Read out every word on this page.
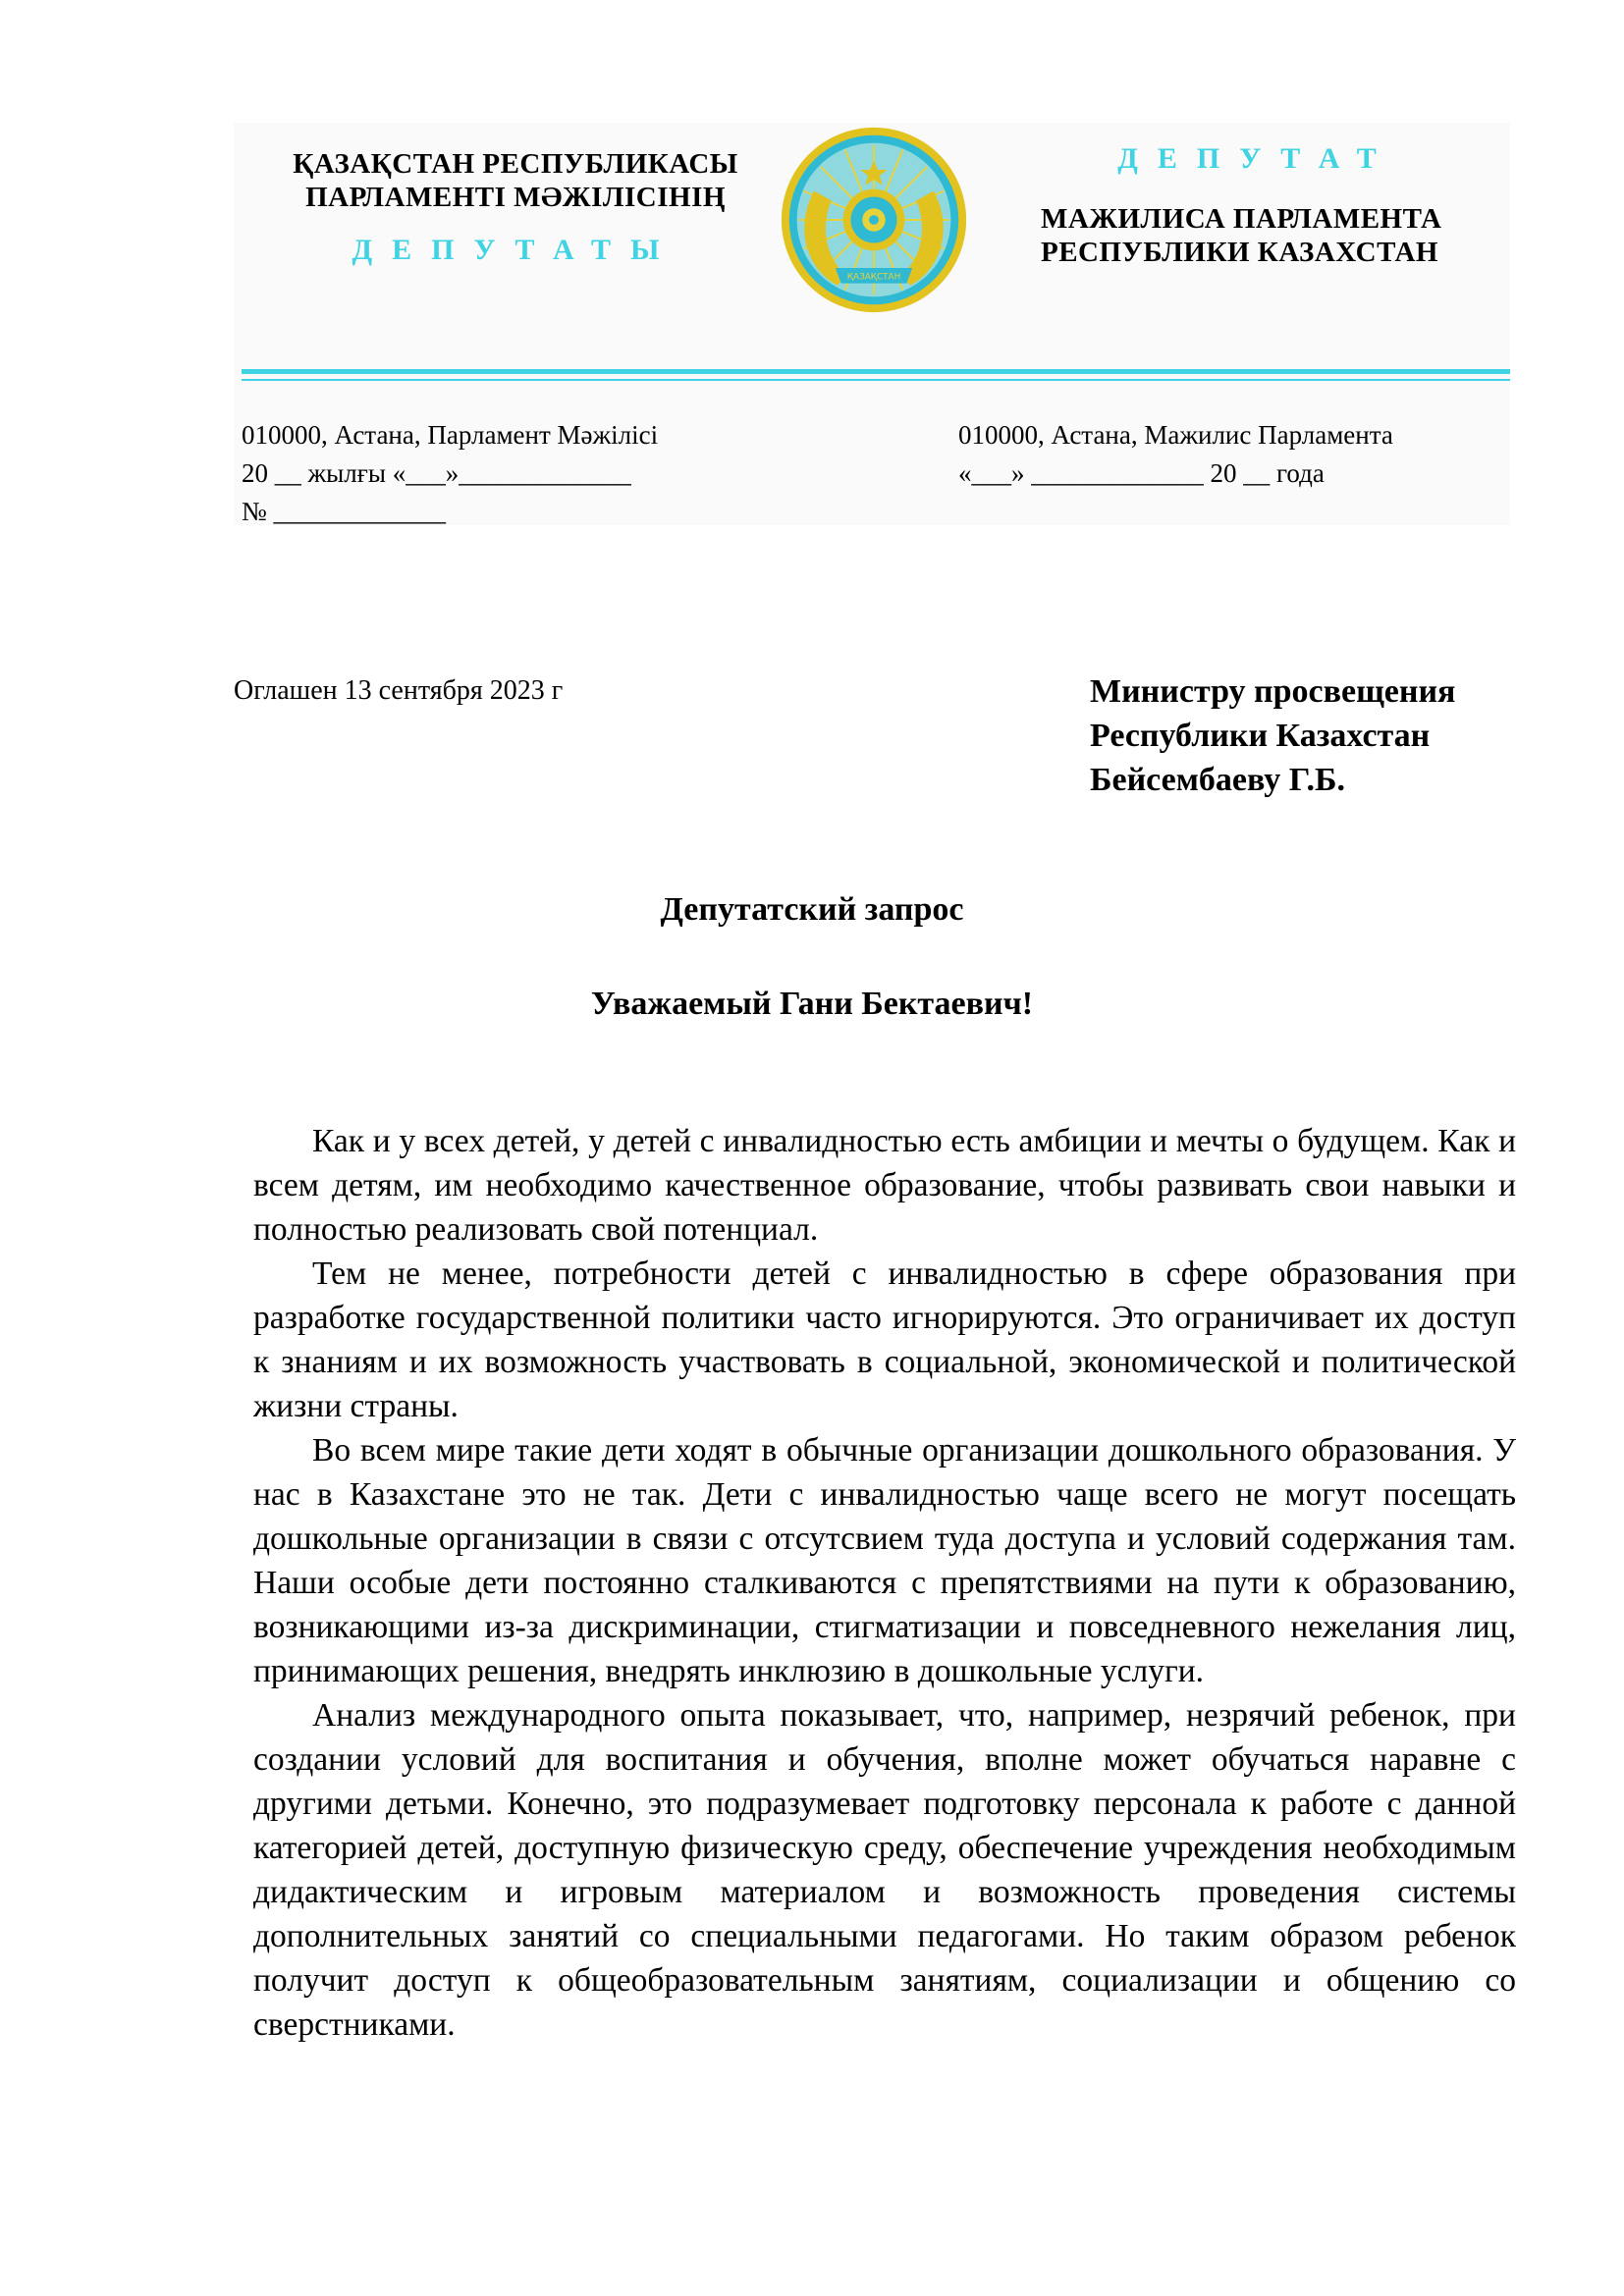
ҚАЗАҚСТАН РЕСПУБЛИКАСЫ
ПАРЛАМЕНТІ МӘЖІЛІСІНІҢ
ДЕПУТАТЫ
ҚАЗАҚСТАН
ДЕПУТАТ
МАЖИЛИСА ПАРЛАМЕНТА
РЕСПУБЛИКИ КАЗАХСТАН
010000, Астана, Парламент Мәжілісі
20 __ жылғы «___»_____________
№ _____________
010000, Астана, Мажилис Парламента
«___» _____________ 20 __ года
Оглашен 13 сентября 2023 г	Министру просвещения
Республики Казахстан
Бейсембаеву Г.Б.
Депутатский запрос
Уважаемый Гани Бектаевич!

Как и у всех детей, у детей с инвалидностью есть амбиции и мечты о будущем. Как и всем детям, им необходимо качественное образование, чтобы развивать свои навыки и полностью реализовать свой потенциал.

Тем не менее, потребности детей с инвалидностью в сфере образования при разработке государственной политики часто игнорируются. Это ограничивает их доступ к знаниям и их возможность участвовать в социальной, экономической и политической жизни страны.

Во всем мире такие дети ходят в обычные организации дошкольного образования. У нас в Казахстане это не так. Дети с инвалидностью чаще всего не могут посещать дошкольные организации в связи с отсутсвием туда доступа и условий содержания там. Наши особые дети постоянно сталкиваются с препятствиями на пути к образованию, возникающими из-за дискриминации, стигматизации и повседневного нежелания лиц, принимающих решения, внедрять инклюзию в дошкольные услуги.

Анализ международного опыта показывает, что, например, незрячий ребенок, при создании условий для воспитания и обучения, вполне может обучаться наравне с другими детьми. Конечно, это подразумевает подготовку персонала к работе с данной категорией детей, доступную физическую среду, обеспечение учреждения необходимым дидактическим и игровым материалом и возможность проведения системы дополнительных занятий со специальными педагогами. Но таким образом ребенок получит доступ к общеобразовательным занятиям, социализации и общению со сверстниками.
